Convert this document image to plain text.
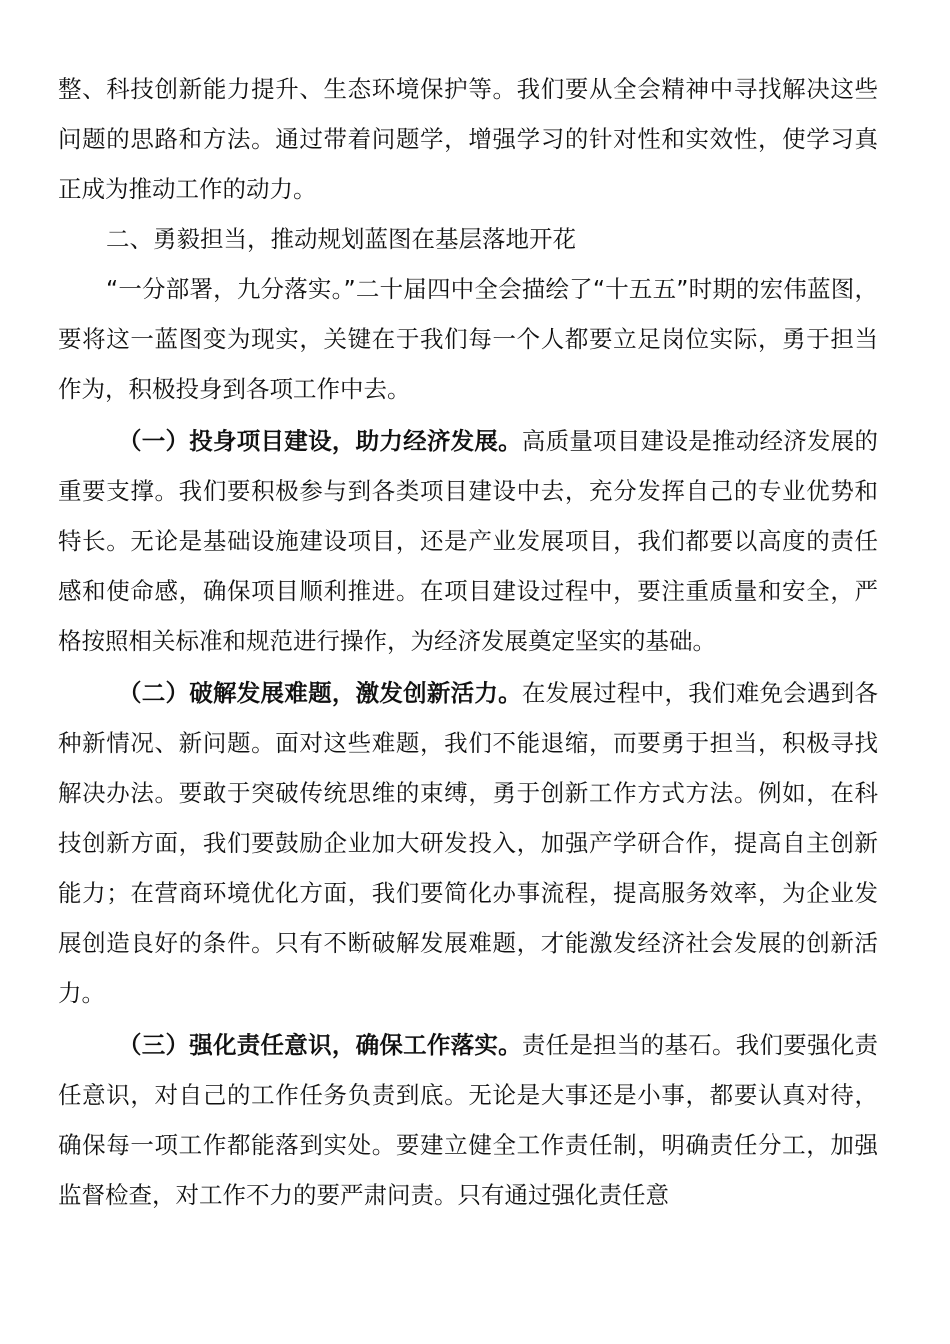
整、科技创新能力提升、生态环境保护等。我们要从全会精神中寻找解决这些问题的思路和方法。通过带着问题学，增强学习的针对性和实效性，使学习真正成为推动工作的动力。

二、勇毅担当，推动规划蓝图在基层落地开花

“一分部署，九分落实。”二十届四中全会描绘了“十五五”时期的宏伟蓝图，要将这一蓝图变为现实，关键在于我们每一个人都要立足岗位实际，勇于担当作为，积极投身到各项工作中去。

（一）投身项目建设，助力经济发展。高质量项目建设是推动经济发展的重要支撑。我们要积极参与到各类项目建设中去，充分发挥自己的专业优势和特长。无论是基础设施建设项目，还是产业发展项目，我们都要以高度的责任感和使命感，确保项目顺利推进。在项目建设过程中，要注重质量和安全，严格按照相关标准和规范进行操作，为经济发展奠定坚实的基础。

（二）破解发展难题，激发创新活力。在发展过程中，我们难免会遇到各种新情况、新问题。面对这些难题，我们不能退缩，而要勇于担当，积极寻找解决办法。要敢于突破传统思维的束缚，勇于创新工作方式方法。例如，在科技创新方面，我们要鼓励企业加大研发投入，加强产学研合作，提高自主创新能力；在营商环境优化方面，我们要简化办事流程，提高服务效率，为企业发展创造良好的条件。只有不断破解发展难题，才能激发经济社会发展的创新活力。

（三）强化责任意识，确保工作落实。责任是担当的基石。我们要强化责任意识，对自己的工作任务负责到底。无论是大事还是小事，都要认真对待，确保每一项工作都能落到实处。要建立健全工作责任制，明确责任分工，加强监督检查，对工作不力的要严肃问责。只有通过强化责任意
